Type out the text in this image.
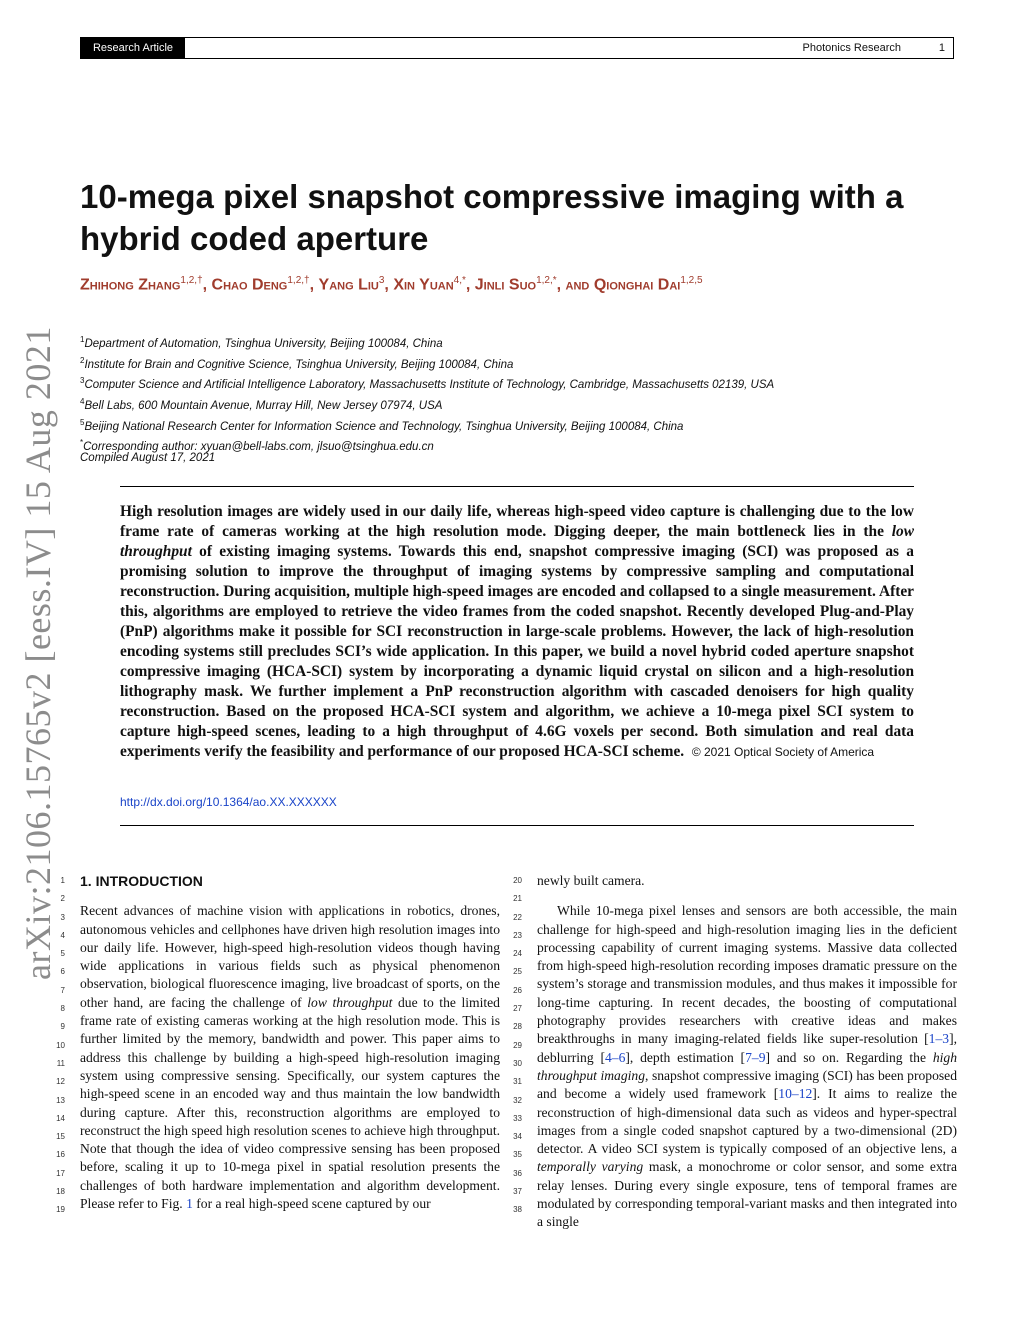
Research Article	Photonics Research	1
arXiv:2106.15765v2 [eess.IV] 15 Aug 2021
10-mega pixel snapshot compressive imaging with a hybrid coded aperture
Zhihong Zhang$^{1,2,\dagger}$, Chao Deng$^{1,2,\dagger}$, Yang Liu$^3$, Xin Yuan$^{4,*}$, Jinli Suo$^{1,2,*}$, and Qionghai Dai$^{1,2,5}$
$^1$Department of Automation, Tsinghua University, Beijing 100084, China
$^2$Institute for Brain and Cognitive Science, Tsinghua University, Beijing 100084, China
$^3$Computer Science and Artificial Intelligence Laboratory, Massachusetts Institute of Technology, Cambridge, Massachusetts 02139, USA
$^4$Bell Labs, 600 Mountain Avenue, Murray Hill, New Jersey 07974, USA
$^5$Beijing National Research Center for Information Science and Technology, Tsinghua University, Beijing 100084, China
*Corresponding author: xyuan@bell-labs.com, jlsuo@tsinghua.edu.cn
Compiled August 17, 2021

High resolution images are widely used in our daily life, whereas high-speed video capture is challenging due to the low frame rate of cameras working at the high resolution mode. Digging deeper, the main bottleneck lies in the low throughput of existing imaging systems. Towards this end, snapshot compressive imaging (SCI) was proposed as a promising solution to improve the throughput of imaging systems by compressive sampling and computational reconstruction. During acquisition, multiple high-speed images are encoded and collapsed to a single measurement. After this, algorithms are employed to retrieve the video frames from the coded snapshot. Recently developed Plug-and-Play (PnP) algorithms make it possible for SCI reconstruction in large-scale problems. However, the lack of high-resolution encoding systems still precludes SCI’s wide application. In this paper, we build a novel hybrid coded aperture snapshot compressive imaging (HCA-SCI) system by incorporating a dynamic liquid crystal on silicon and a high-resolution lithography mask. We further implement a PnP reconstruction algorithm with cascaded denoisers for high quality reconstruction. Based on the proposed HCA-SCI system and algorithm, we achieve a 10-mega pixel SCI system to capture high-speed scenes, leading to a high throughput of 4.6G voxels per second. Both simulation and real data experiments verify the feasibility and performance of our proposed HCA-SCI scheme. © 2021 Optical Society of America

http://dx.doi.org/10.1364/ao.XX.XXXXXX
1
2
3
4
5
6
7
8
9
10
11
12
13
14
15
16
17
18
19
20
21
22
23
24
25
26
27
28
29
30
31
32
33
34
35
36
37
38
1. INTRODUCTION

Recent advances of machine vision with applications in robotics, drones, autonomous vehicles and cellphones have driven high resolution images into our daily life. However, high-speed high-resolution videos though having wide applications in various fields such as physical phenomenon observation, biological fluorescence imaging, live broadcast of sports, on the other hand, are facing the challenge of low throughput due to the limited frame rate of existing cameras working at the high resolution mode. This is further limited by the memory, bandwidth and power. This paper aims to address this challenge by building a high-speed high-resolution imaging system using compressive sensing. Specifically, our system captures the high-speed scene in an encoded way and thus maintain the low bandwidth during capture. After this, reconstruction algorithms are employed to reconstruct the high speed high resolution scenes to achieve high throughput. Note that though the idea of video compressive sensing has been proposed before, scaling it up to 10-mega pixel in spatial resolution presents the challenges of both hardware implementation and algorithm development. Please refer to Fig. 1 for a real high-speed scene captured by our

newly built camera.

While 10-mega pixel lenses and sensors are both accessible, the main challenge for high-speed and high-resolution imaging lies in the deficient processing capability of current imaging systems. Massive data collected from high-speed high-resolution recording imposes dramatic pressure on the system’s storage and transmission modules, and thus makes it impossible for long-time capturing. In recent decades, the boosting of computational photography provides researchers with creative ideas and makes breakthroughs in many imaging-related fields like super-resolution [1–3], deblurring [4–6], depth estimation [7–9] and so on. Regarding the high throughput imaging, snapshot compressive imaging (SCI) has been proposed and become a widely used framework [10–12]. It aims to realize the reconstruction of high-dimensional data such as videos and hyper-spectral images from a single coded snapshot captured by a two-dimensional (2D) detector. A video SCI system is typically composed of an objective lens, a temporally varying mask, a monochrome or color sensor, and some extra relay lenses. During every single exposure, tens of temporal frames are modulated by corresponding temporal-variant masks and then integrated into a single
